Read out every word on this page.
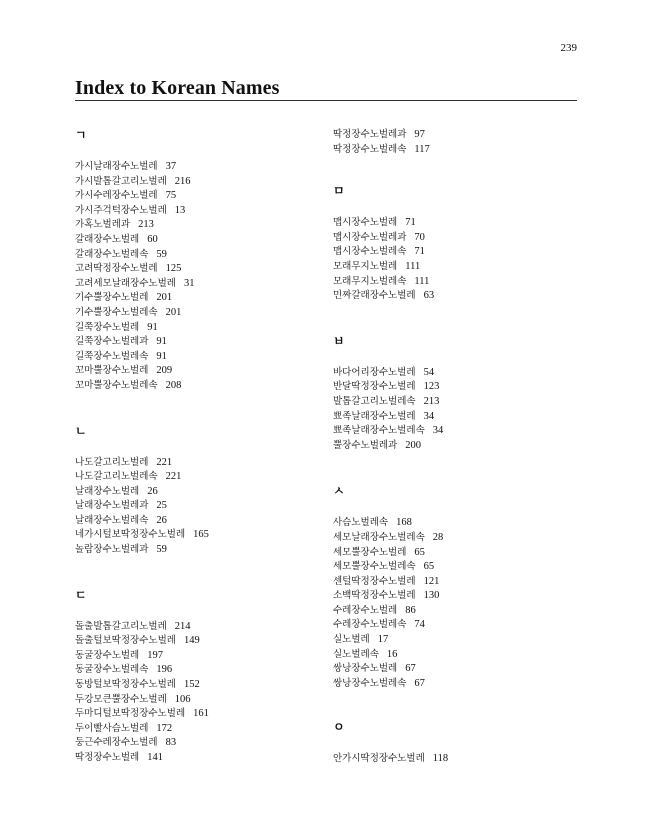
239
Index to Korean Names
ㄱ
가시날래장수노벌레 37
가시발톱갈고리노벌레 216
가시수레장수노벌레 75
가시주걱턱장수노벌레 13
가혹노벌레과 213
갈래장수노벌레 60
갈래장수노벌레속 59
고려딱정장수노벌레 125
고려세모날래장수노벌레 31
기수뿔장수노벌레 201
기수뿔장수노벌레속 201
길쭉장수노벌레 91
길쭉장수노벌레과 91
길쭉장수노벌레속 91
꼬마뿔장수노벌레 209
꼬마뿔장수노벌레속 208
ㄴ
나도갈고리노벌레 221
나도갈고리노벌레속 221
날래장수노벌레 26
날래장수노벌레과 25
날래장수노벌레속 26
네가시털보딱정장수노벌레 165
놀람장수노벌레과 59
ㄷ
돌출발톱갈고리노벌레 214
돌출털보딱정장수노벌레 149
동굴장수노벌레 197
동굴장수노벌레속 196
동방털보딱정장수노벌레 152
두강모큰뿔장수노벌레 106
두마디털보딱정장수노벌레 161
두이빨사슴노벌레 172
둥근수레장수노벌레 83
딱정장수노벌레 141
딱정장수노벌레과 97
딱정장수노벌레속 117
ㅁ
맵시장수노벌레 71
맵시장수노벌레과 70
맵시장수노벌레속 71
모래무지노벌레 111
모래무지노벌레속 111
민짜갈래장수노벌레 63
ㅂ
바다어리장수노벌레 54
반달딱정장수노벌레 123
발톱갈고리노벌레속 213
뾰족날래장수노벌레 34
뾰족날래장수노벌레속 34
뿔장수노벌레과 200
ㅅ
사슴노벌레속 168
세모날래장수노벌레속 28
세모뿔장수노벌레 65
세모뿔장수노벌레속 65
센털딱정장수노벌레 121
소백딱정장수노벌레 130
수레장수노벌레 86
수레장수노벌레속 74
실노벌레 17
실노벌레속 16
쌍낭장수노벌레 67
쌍낭장수노벌레속 67
ㅇ
안가시딱정장수노벌레 118
